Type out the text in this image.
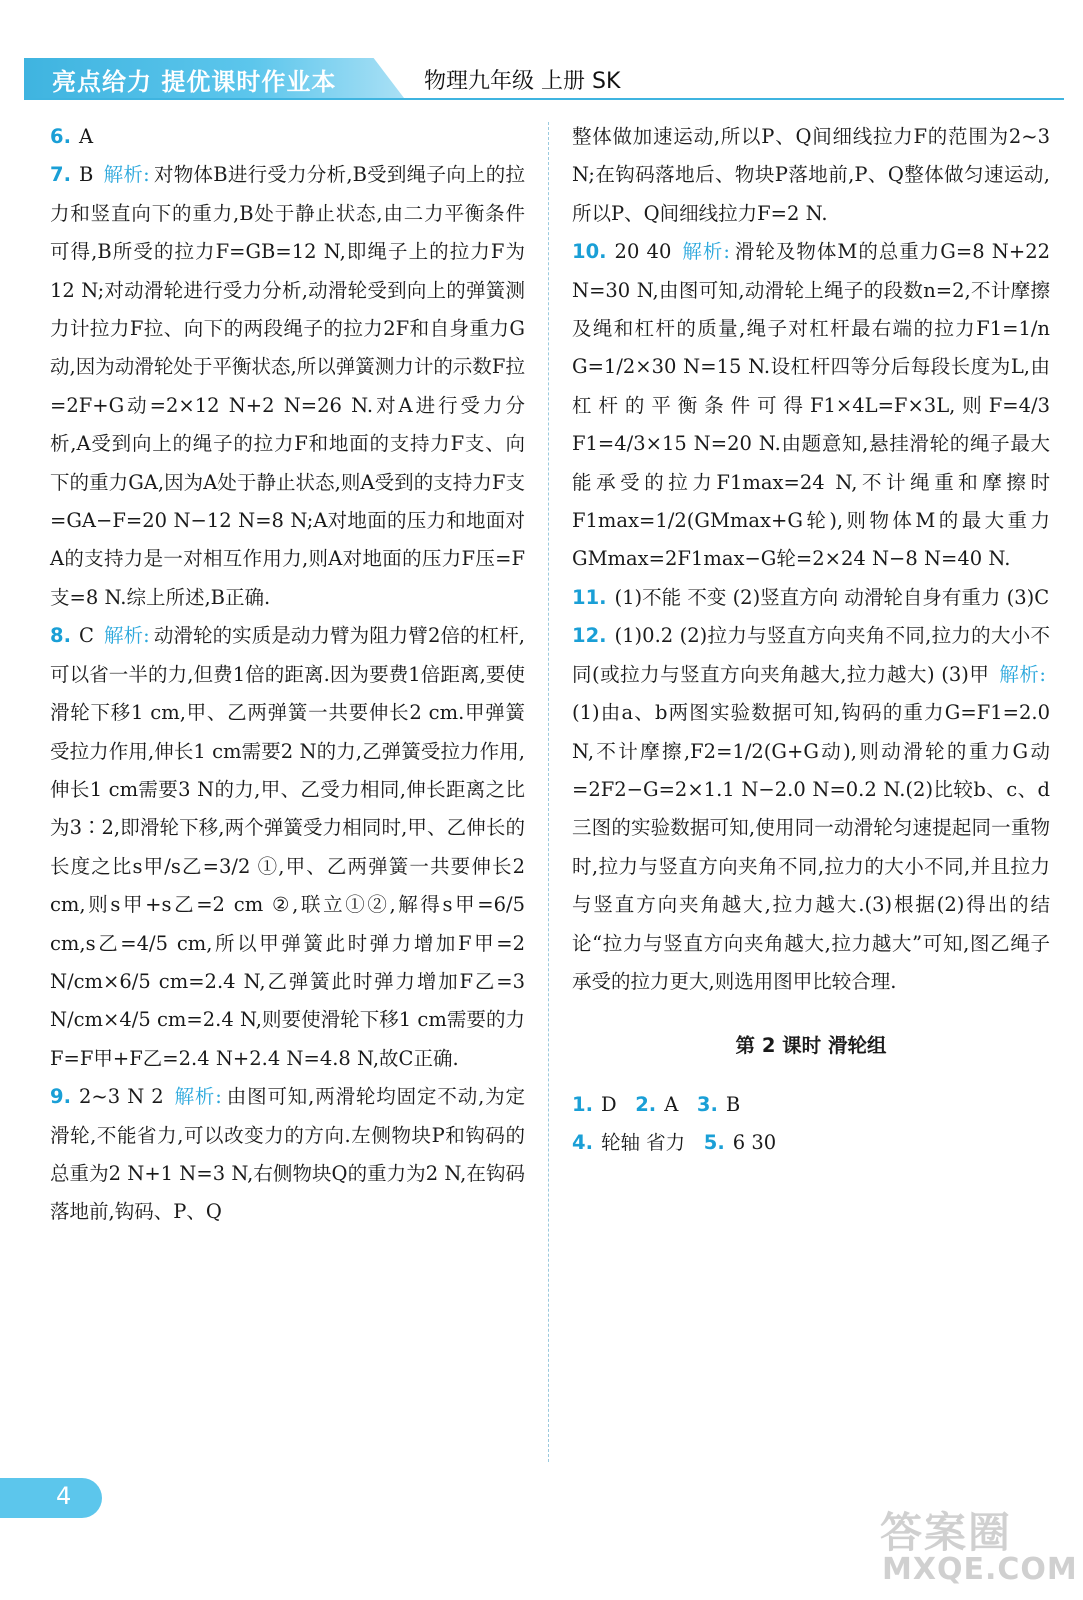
亮点给力 提优课时作业本	物理九年级 上册 SK

6. A

7. B 解析: 对物体B进行受力分析,B受到绳子向上的拉力和竖直向下的重力,B处于静止状态,由二力平衡条件可得,B所受的拉力F=GB=12 N,即绳子上的拉力F为12 N;对动滑轮进行受力分析,动滑轮受到向上的弹簧测力计拉力F拉、向下的两段绳子的拉力2F和自身重力G动,因为动滑轮处于平衡状态,所以弹簧测力计的示数F拉=2F+G动=2×12 N+2 N=26 N.对A进行受力分析,A受到向上的绳子的拉力F和地面的支持力F支、向下的重力GA,因为A处于静止状态,则A受到的支持力F支=GA−F=20 N−12 N=8 N;A对地面的压力和地面对A的支持力是一对相互作用力,则A对地面的压力F压=F支=8 N.综上所述,B正确.

8. C 解析: 动滑轮的实质是动力臂为阻力臂2倍的杠杆,可以省一半的力,但费1倍的距离.因为要费1倍距离,要使滑轮下移1 cm,甲、乙两弹簧一共要伸长2 cm.甲弹簧受拉力作用,伸长1 cm需要2 N的力,乙弹簧受拉力作用,伸长1 cm需要3 N的力,甲、乙受力相同,伸长距离之比为3∶2,即滑轮下移,两个弹簧受力相同时,甲、乙伸长的长度之比s甲/s乙=3/2 ①,甲、乙两弹簧一共要伸长2 cm,则s甲+s乙=2 cm ②,联立①②,解得s甲=6/5 cm,s乙=4/5 cm,所以甲弹簧此时弹力增加F甲=2 N/cm×6/5 cm=2.4 N,乙弹簧此时弹力增加F乙=3 N/cm×4/5 cm=2.4 N,则要使滑轮下移1 cm需要的力F=F甲+F乙=2.4 N+2.4 N=4.8 N,故C正确.

9. 2~3 N 2 解析: 由图可知,两滑轮均固定不动,为定滑轮,不能省力,可以改变力的方向.左侧物块P和钩码的总重为2 N+1 N=3 N,右侧物块Q的重力为2 N,在钩码落地前,钩码、P、Q

整体做加速运动,所以P、Q间细线拉力F的范围为2~3 N;在钩码落地后、物块P落地前,P、Q整体做匀速运动,所以P、Q间细线拉力F=2 N.

10. 20 40 解析: 滑轮及物体M的总重力G=8 N+22 N=30 N,由图可知,动滑轮上绳子的段数n=2,不计摩擦及绳和杠杆的质量,绳子对杠杆最右端的拉力F1=1/n G=1/2×30 N=15 N.设杠杆四等分后每段长度为L,由杠杆的平衡条件可得F1×4L=F×3L,则F=4/3 F1=4/3×15 N=20 N.由题意知,悬挂滑轮的绳子最大能承受的拉力F1max=24 N,不计绳重和摩擦时F1max=1/2(GMmax+G轮),则物体M的最大重力GMmax=2F1max−G轮=2×24 N−8 N=40 N.

11. (1)不能 不变 (2)竖直方向 动滑轮自身有重力 (3)C

12. (1)0.2 (2)拉力与竖直方向夹角不同,拉力的大小不同(或拉力与竖直方向夹角越大,拉力越大) (3)甲 解析:(1)由a、b两图实验数据可知,钩码的重力G=F1=2.0 N,不计摩擦,F2=1/2(G+G动),则动滑轮的重力G动=2F2−G=2×1.1 N−2.0 N=0.2 N.(2)比较b、c、d三图的实验数据可知,使用同一动滑轮匀速提起同一重物时,拉力与竖直方向夹角不同,拉力的大小不同,并且拉力与竖直方向夹角越大,拉力越大.(3)根据(2)得出的结论“拉力与竖直方向夹角越大,拉力越大”可知,图乙绳子承受的拉力更大,则选用图甲比较合理.

第 2 课时 滑轮组

1. D 2. A 3. B

4. 轮轴 省力 5. 6 30

4
答案圈
MXQE.COM
